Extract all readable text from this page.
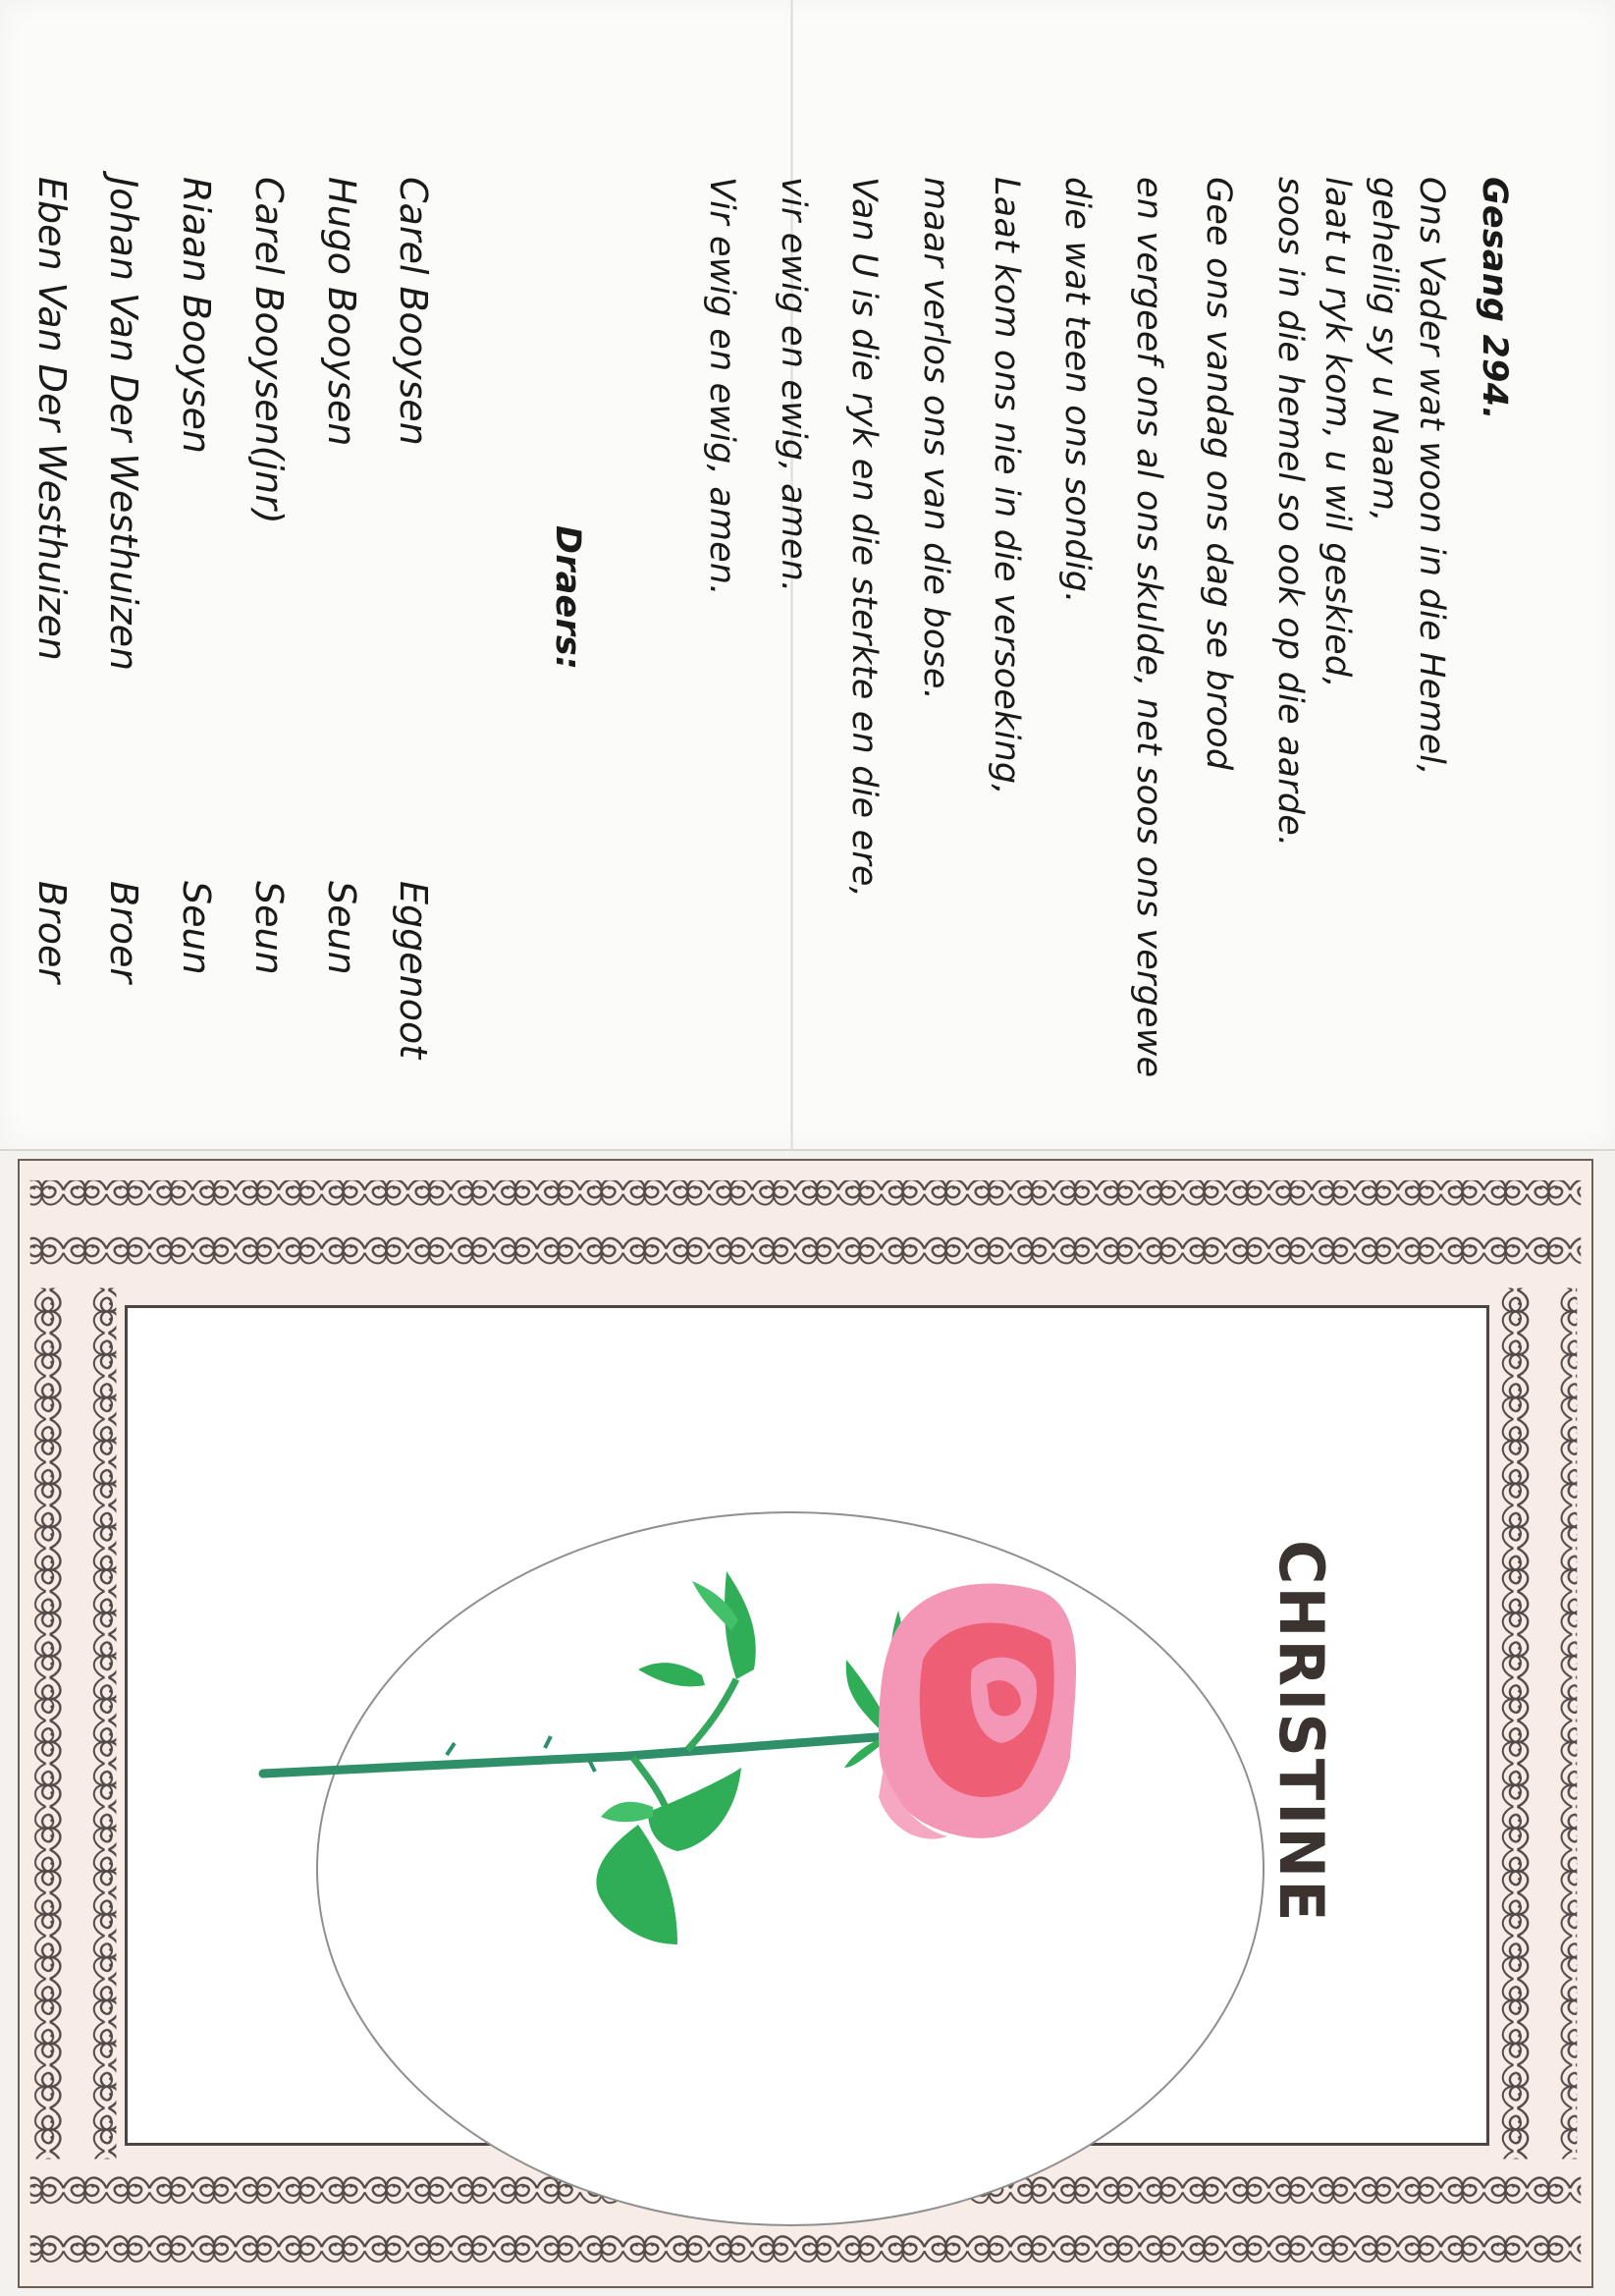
Gesang 294.
Ons Vader wat woon in die Hemel,
geheilig sy u Naam,
laat u ryk kom, u wil geskied,
soos in die hemel so ook op die aarde.
Gee ons vandag ons dag se brood
en vergeef ons al ons skulde, net soos ons vergewe
die wat teen ons sondig.
Laat kom ons nie in die versoeking,
maar verlos ons van die bose.
Van U is die ryk en die sterkte en die ere,
vir ewig en ewig, amen.
Vir ewig en ewig, amen.
Draers:
Carel Booysen
Hugo Booysen
Carel Booysen(jnr)
Riaan Booysen
Johan Van Der Westhuizen
Eben Van Der Westhuizen
Eggenoot
Seun
Seun
Seun
Broer
Broer
CHRISTINE
